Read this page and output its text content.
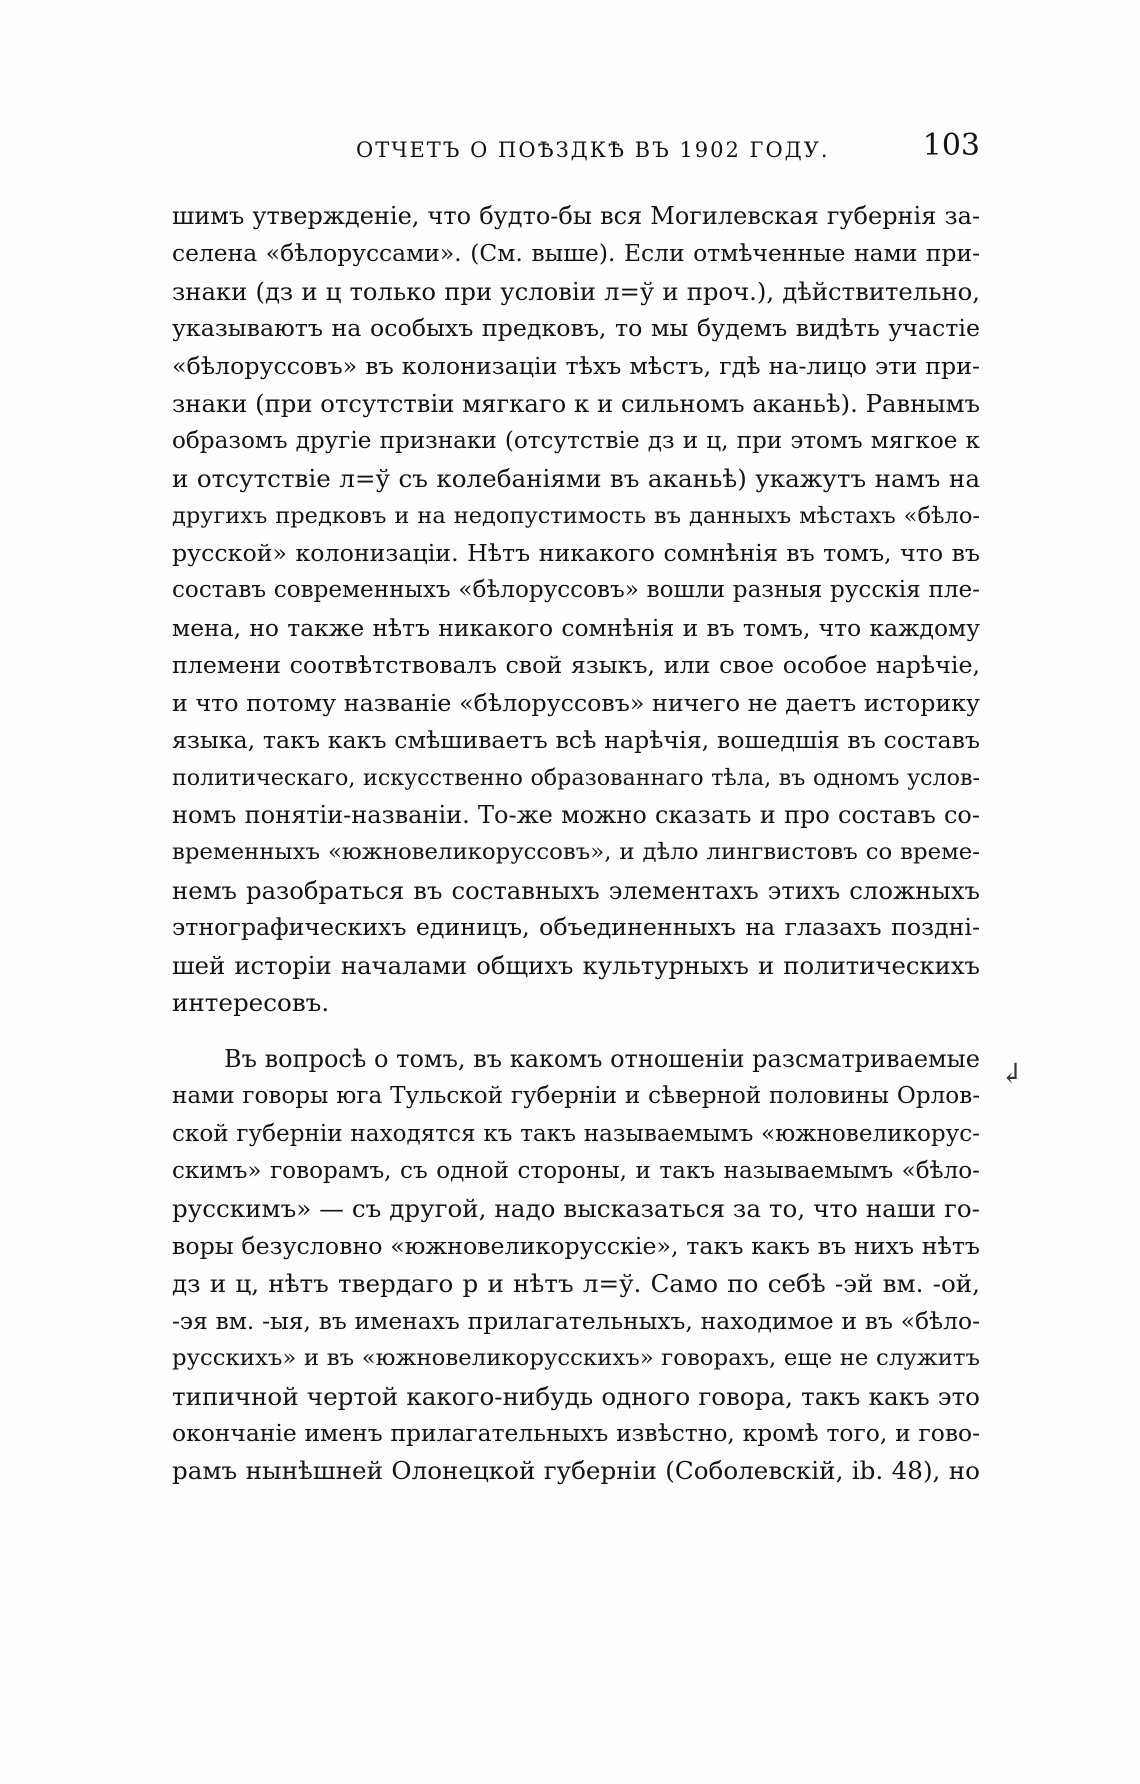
ОТЧЕТЪ О ПОѢЗДКѢ ВЪ 1902 ГОДУ.	103
шимъ утвержденіе, что будто-бы вся Могилевская губернія за-
селена «бѣлоруссами». (См. выше). Если отмѣченные нами при-
знаки (дз и ц только при условіи л=ў и проч.), дѣйствительно,
указываютъ на особыхъ предковъ, то мы будемъ видѣть участіе
«бѣлоруссовъ» въ колонизаціи тѣхъ мѣстъ, гдѣ на-лицо эти при-
знаки (при отсутствіи мягкаго к и сильномъ аканьѣ). Равнымъ
образомъ другіе признаки (отсутствіе дз и ц, при этомъ мягкое к
и отсутствіе л=ў съ колебаніями въ аканьѣ) укажутъ намъ на
другихъ предковъ и на недопустимость въ данныхъ мѣстахъ «бѣло-
русской» колонизаціи. Нѣтъ никакого сомнѣнія въ томъ, что въ
составъ современныхъ «бѣлоруссовъ» вошли разныя русскія пле-
мена, но также нѣтъ никакого сомнѣнія и въ томъ, что каждому
племени соотвѣтствовалъ свой языкъ, или свое особое нарѣчіе,
и что потому названіе «бѣлоруссовъ» ничего не даетъ историку
языка, такъ какъ смѣшиваетъ всѣ нарѣчія, вошедшія въ составъ
политическаго, искусственно образованнаго тѣла, въ одномъ услов-
номъ понятіи-названіи. То-же можно сказать и про составъ со-
временныхъ «южновеликоруссовъ», и дѣло лингвистовъ со време-
немъ разобраться въ составныхъ элементахъ этихъ сложныхъ
этнографическихъ единицъ, объединенныхъ на глазахъ поздні-
шей исторіи началами общихъ культурныхъ и политическихъ
интересовъ.
Въ вопросѣ о томъ, въ какомъ отношеніи разсматриваемые
нами говоры юга Тульской губерніи и сѣверной половины Орлов-
ской губерніи находятся къ такъ называемымъ «южновеликорус-
скимъ» говорамъ, съ одной стороны, и такъ называемымъ «бѣло-
русскимъ» — съ другой, надо высказаться за то, что наши го-
воры безусловно «южновеликорусскіе», такъ какъ въ нихъ нѣтъ
дз и ц, нѣтъ твердаго р и нѣтъ л=ў. Само по себѣ -эй вм. -ой,
-эя вм. -ыя, въ именахъ прилагательныхъ, находимое и въ «бѣло-
русскихъ» и въ «южновеликорусскихъ» говорахъ, еще не служитъ
типичной чертой какого-нибудь одного говора, такъ какъ это
окончаніе именъ прилагательныхъ извѣстно, кромѣ того, и гово-
рамъ нынѣшней Олонецкой губерніи (Соболевскій, ib. 48), но
↲
